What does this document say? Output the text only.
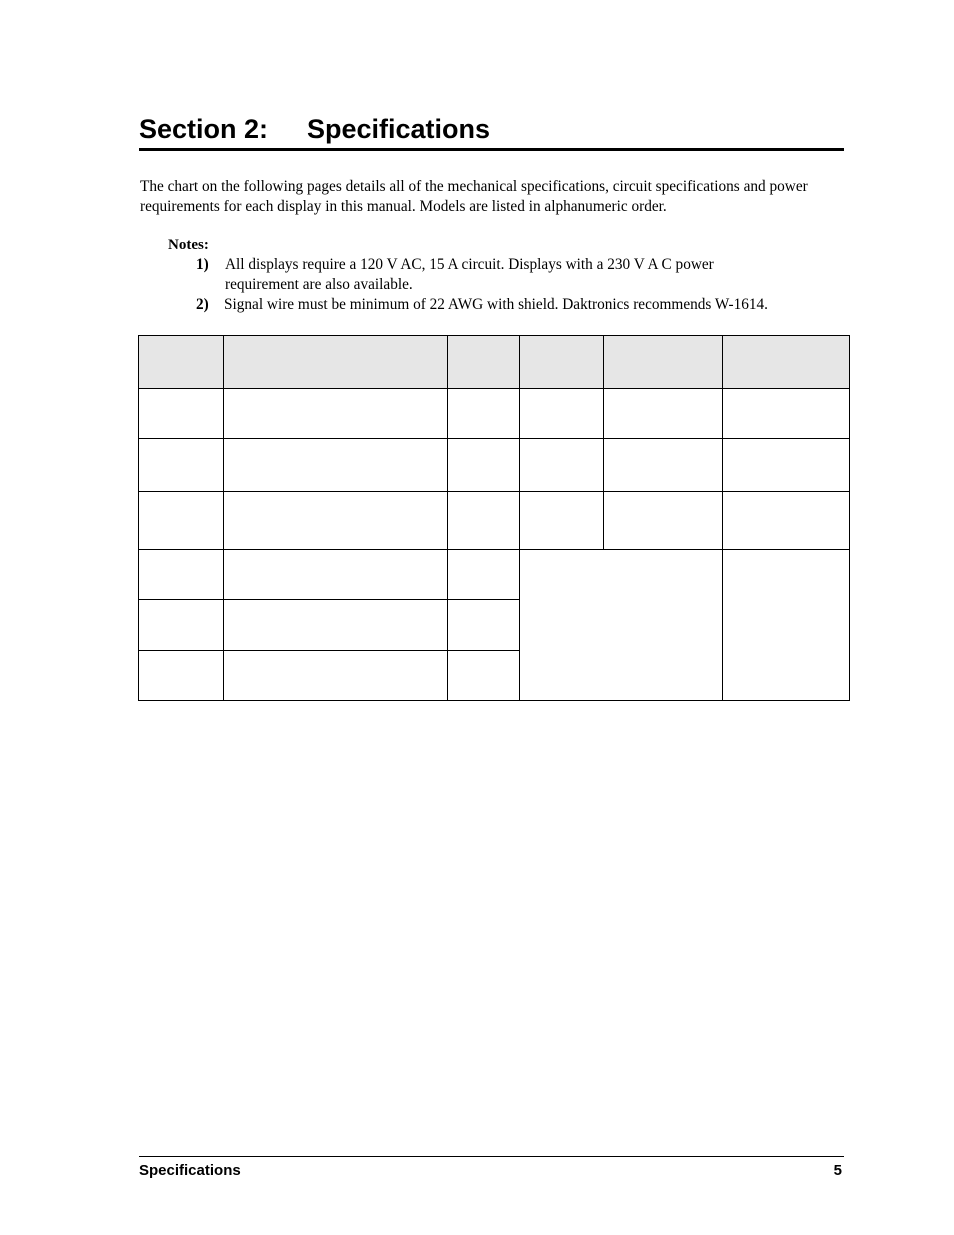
Section 2: Specifications
The chart on the following pages details all of the mechanical specifications, circuit specifications and power requirements for each display in this manual. Models are listed in alphanumeric order.
Notes:
1) All displays require a 120 V AC, 15 A circuit. Displays with a 230 V A C power
requirement are also available.
2) Signal wire must be minimum of 22 AWG with shield. Daktronics recommends W-1614.

Specifications	5
